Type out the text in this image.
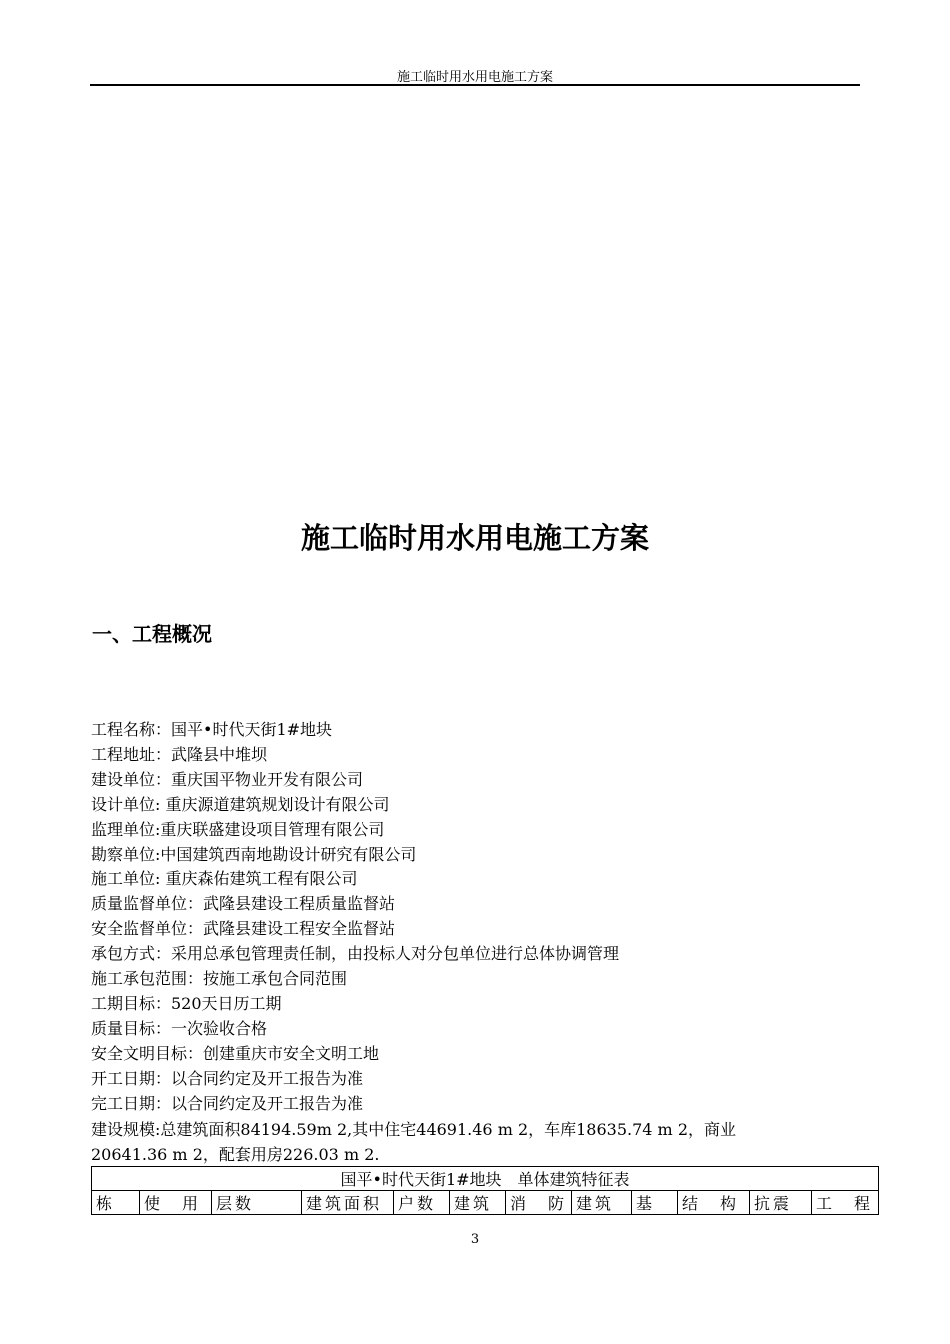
施工临时用水用电施工方案
施工临时用水用电施工方案
一、工程概况
工程名称：国平•时代天街1#地块
工程地址：武隆县中堆坝
建设单位：重庆国平物业开发有限公司
设计单位: 重庆源道建筑规划设计有限公司
监理单位:重庆联盛建设项目管理有限公司
勘察单位:中国建筑西南地勘设计研究有限公司
施工单位: 重庆森佑建筑工程有限公司
质量监督单位：武隆县建设工程质量监督站
安全监督单位：武隆县建设工程安全监督站
承包方式：采用总承包管理责任制，由投标人对分包单位进行总体协调管理
施工承包范围：按施工承包合同范围
工期目标：520天日历工期
质量目标：一次验收合格
安全文明目标：创建重庆市安全文明工地
开工日期：以合同约定及开工报告为准
完工日期：以合同约定及开工报告为准
建设规模:总建筑面积84194.59m 2,其中住宅44691.46 m 2，车库18635.74 m 2，商业
20641.36 m 2，配套用房226.03 m 2.
国平•时代天街1#地块　单体建筑特征表
栋	使　用	层数	建筑面积	户数	建筑	消　防	建筑	基	结　构	抗震	工　程
3
